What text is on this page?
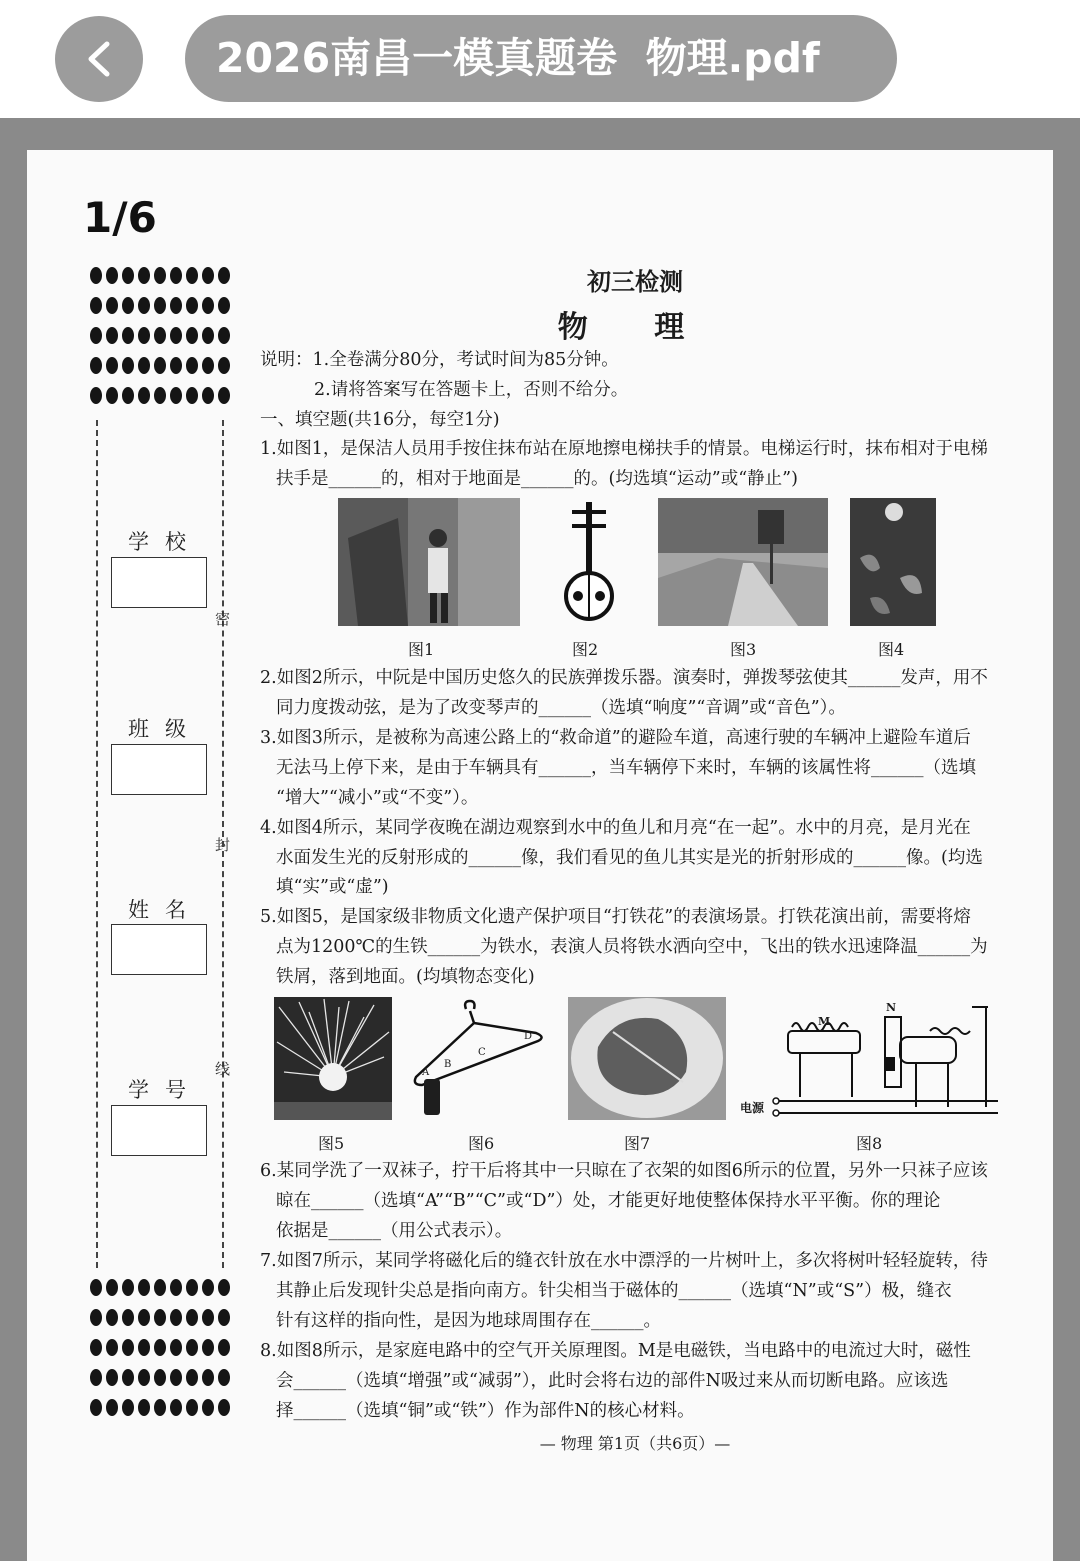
2026南昌一模真题卷  物理.pdf
1/6
密
封
线
学校
班级
姓名
学号
初三检测
物 理
说明：1.全卷满分80分，考试时间为85分钟。
2.请将答案写在答题卡上，否则不给分。
一、填空题(共16分，每空1分)
1.如图1，是保洁人员用手按住抹布站在原地擦电梯扶手的情景。电梯运行时，抹布相对于电梯
扶手是______的，相对于地面是______的。(均选填“运动”或“静止”)
图1	图2	图3	图4
2.如图2所示，中阮是中国历史悠久的民族弹拨乐器。演奏时，弹拨琴弦使其______发声，用不
同力度拨动弦，是为了改变琴声的______（选填“响度”“音调”或“音色”）。
3.如图3所示，是被称为高速公路上的“救命道”的避险车道，高速行驶的车辆冲上避险车道后
无法马上停下来，是由于车辆具有______，当车辆停下来时，车辆的该属性将______（选填
“增大”“减小”或“不变”）。
4.如图4所示，某同学夜晚在湖边观察到水中的鱼儿和月亮“在一起”。水中的月亮，是月光在
水面发生光的反射形成的______像，我们看见的鱼儿其实是光的折射形成的______像。(均选
填“实”或“虚”)
5.如图5，是国家级非物质文化遗产保护项目“打铁花”的表演场景。打铁花演出前，需要将熔
点为1200℃的生铁______为铁水，表演人员将铁水洒向空中，飞出的铁水迅速降温______为
铁屑，落到地面。(均填物态变化)
A
B
C
D
M
N
电源
图5	图6	图7	图8
6.某同学洗了一双袜子，拧干后将其中一只晾在了衣架的如图6所示的位置，另外一只袜子应该
晾在______（选填“A”“B”“C”或“D”）处，才能更好地使整体保持水平平衡。你的理论
依据是______（用公式表示）。
7.如图7所示，某同学将磁化后的缝衣针放在水中漂浮的一片树叶上，多次将树叶轻轻旋转，待
其静止后发现针尖总是指向南方。针尖相当于磁体的______（选填“N”或“S”）极，缝衣
针有这样的指向性，是因为地球周围存在______。
8.如图8所示，是家庭电路中的空气开关原理图。M是电磁铁，当电路中的电流过大时，磁性
会______（选填“增强”或“减弱”），此时会将右边的部件N吸过来从而切断电路。应该选
择______（选填“铜”或“铁”）作为部件N的核心材料。
— 物理 第1页（共6页）—
